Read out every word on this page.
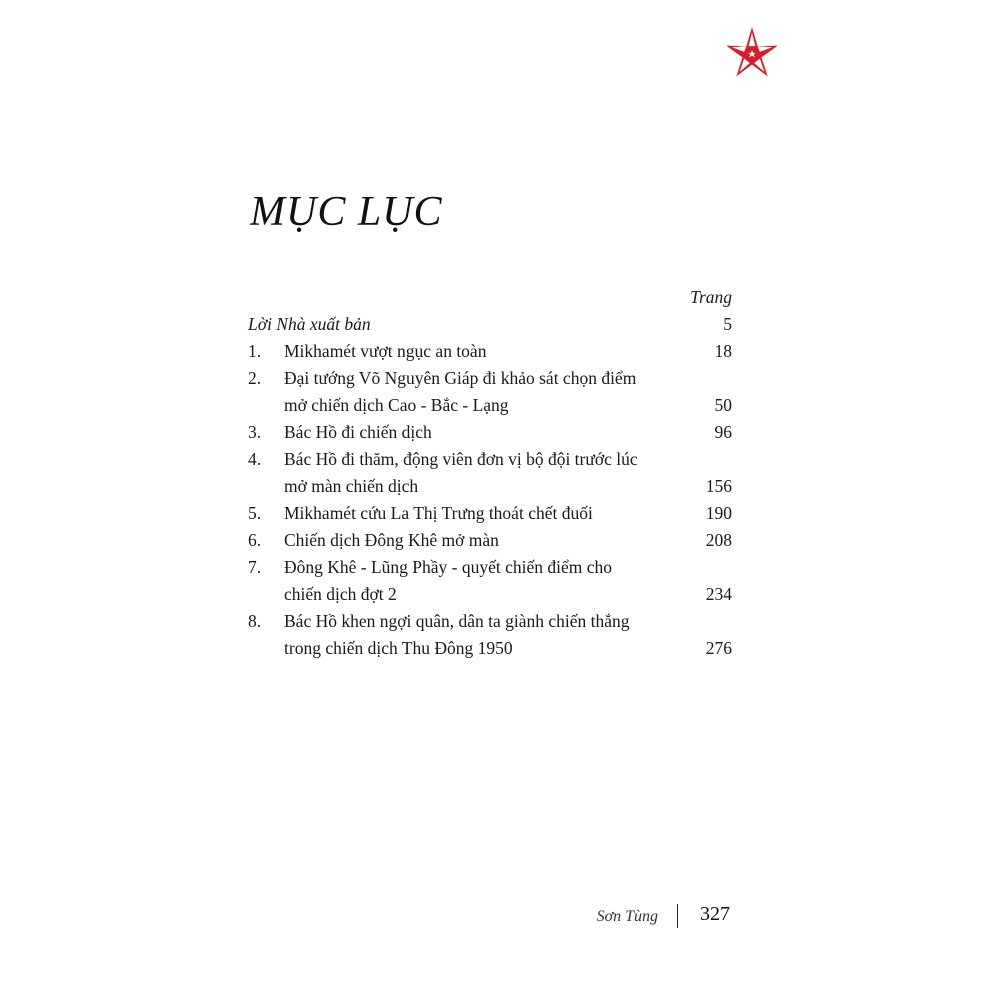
MỤC LỤC
Trang
Lời Nhà xuất bản	5
1.	Mikhamét vượt ngục an toàn	18
2.	Đại tướng Võ Nguyên Giáp đi khảo sát chọn điểm
mở chiến dịch Cao - Bắc - Lạng	50
3.	Bác Hồ đi chiến dịch	96
4.	Bác Hồ đi thăm, động viên đơn vị bộ đội trước lúc
mở màn chiến dịch	156
5.	Mikhamét cứu La Thị Trưng thoát chết đuối	190
6.	Chiến dịch Đông Khê mở màn	208
7.	Đông Khê - Lũng Phầy - quyết chiến điểm cho
chiến dịch đợt 2	234
8.	Bác Hồ khen ngợi quân, dân ta giành chiến thắng
trong chiến dịch Thu Đông 1950	276
Sơn Tùng 327
